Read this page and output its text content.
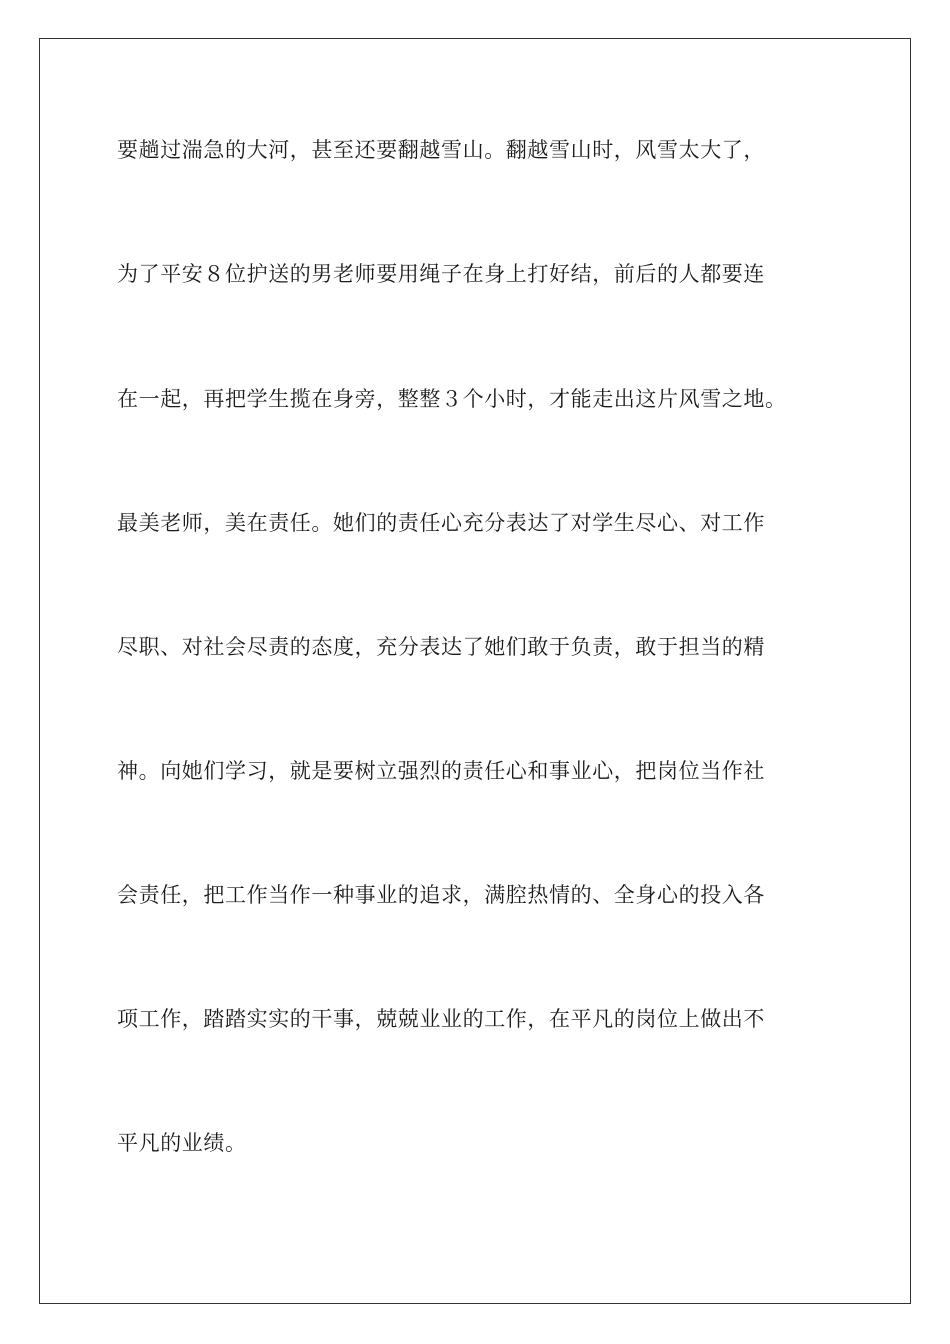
要趟过湍急的大河，甚至还要翻越雪山。翻越雪山时，风雪太大了，
为了平安８位护送的男老师要用绳子在身上打好结，前后的人都要连
在一起，再把学生揽在身旁，整整３个小时，才能走出这片风雪之地。
最美老师，美在责任。她们的责任心充分表达了对学生尽心、对工作
尽职、对社会尽责的态度，充分表达了她们敢于负责，敢于担当的精
神。向她们学习，就是要树立强烈的责任心和事业心，把岗位当作社
会责任，把工作当作一种事业的追求，满腔热情的、全身心的投入各
项工作，踏踏实实的干事，兢兢业业的工作，在平凡的岗位上做出不
平凡的业绩。
